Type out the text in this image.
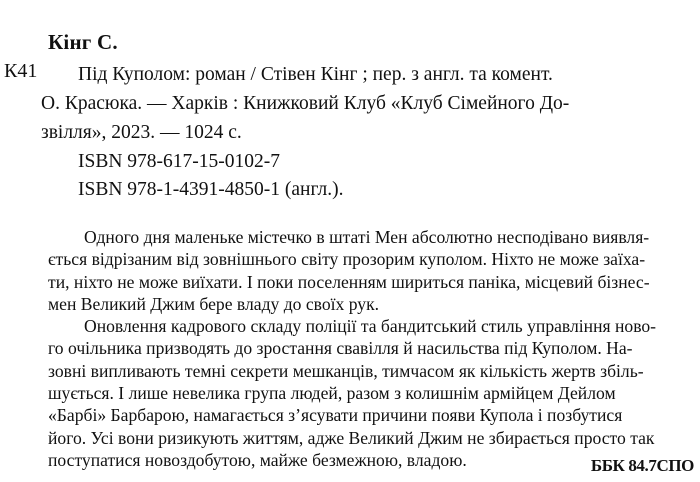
Кінг С.
К41 Під Куполом: роман / Стівен Кінг ; пер. з англ. та комент.
О. Красюка. — Харків : Книжковий Клуб «Клуб Сімейного До-
звілля», 2023. — 1024 с.
ISBN 978-617-15-0102-7
ISBN 978-1-4391-4850-1 (англ.).
Одного дня маленьке містечко в штаті Мен абсолютно несподівано виявля-
ється відрізаним від зовнішнього світу прозорим куполом. Ніхто не може заїха-
ти, ніхто не може виїхати. І поки поселенням шириться паніка, місцевий бізнес-
мен Великий Джим бере владу до своїх рук.
Оновлення кадрового складу поліції та бандитський стиль управління ново-
го очільника призводять до зростання свавілля й насильства під Куполом. На-
зовні випливають темні секрети мешканців, тимчасом як кількість жертв збіль-
шується. І лише невелика група людей, разом з колишнім армійцем Дейлом
«Барбі» Барбарою, намагається з’ясувати причини появи Купола і позбутися
його. Усі вони ризикують життям, адже Великий Джим не збирається просто так
поступатися новоздобутою, майже безмежною, владою.	ББК 84.7СПО
